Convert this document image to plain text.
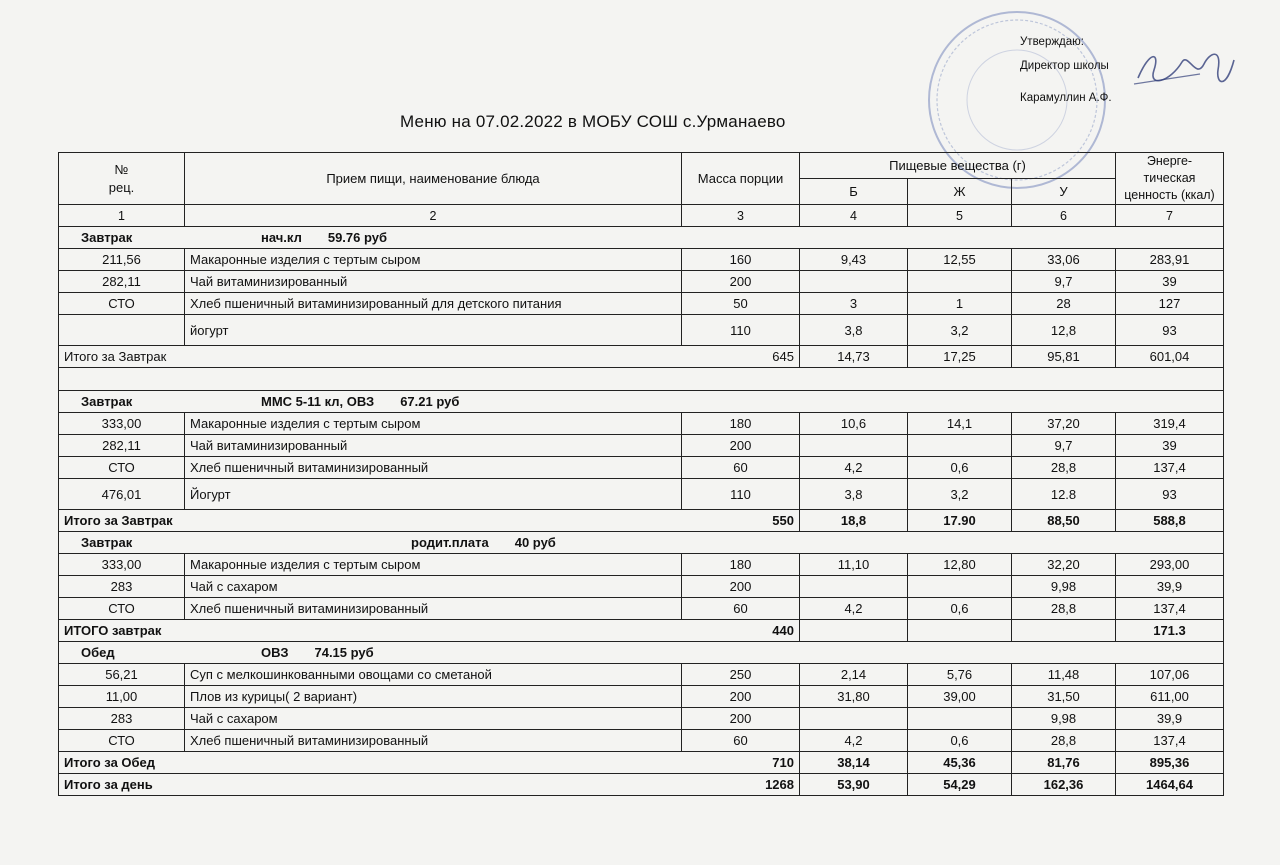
Утверждаю:
Директор школы
Карамуллин А.Ф.
Меню на 07.02.2022 в МОБУ СОШ с.Урманаево
№
рец.	Прием пищи, наименование блюда	Масса порции	Пищевые вещества (г)			Энерге-тическая ценность (ккал)
			Б	Ж	У	
1	2	3	4	5	6	7
Завтрак нач.кл 59.76 руб						
211,56	Макаронные изделия с тертым сыром	160	9,43	12,55	33,06	283,91
282,11	Чай витаминизированный	200			9,7	39
СТО	Хлеб пшеничный витаминизированный для детского питания	50	3	1	28	127
	йогурт	110	3,8	3,2	12,8	93
Итого за Завтрак		645	14,73	17,25	95,81	601,04

Завтрак ММС 5-11 кл, ОВЗ 67.21 руб						
333,00	Макаронные изделия с тертым сыром	180	10,6	14,1	37,20	319,4
282,11	Чай витаминизированный	200			9,7	39
СТО	Хлеб пшеничный витаминизированный	60	4,2	0,6	28,8	137,4
476,01	Йогурт	110	3,8	3,2	12.8	93
Итого за Завтрак		550	18,8	17.90	88,50	588,8
Завтрак родит.плата 40 руб						
333,00	Макаронные изделия с тертым сыром	180	11,10	12,80	32,20	293,00
283	Чай с сахаром	200			9,98	39,9
СТО	Хлеб пшеничный витаминизированный	60	4,2	0,6	28,8	137,4
ИТОГО завтрак		440				171.3
Обед ОВЗ 74.15 руб						
56,21	Суп с мелкошинкованными овощами со сметаной	250	2,14	5,76	11,48	107,06
11,00	Плов из курицы( 2 вариант)	200	31,80	39,00	31,50	611,00
283	Чай с сахаром	200			9,98	39,9
СТО	Хлеб пшеничный витаминизированный	60	4,2	0,6	28,8	137,4
Итого за Обед		710	38,14	45,36	81,76	895,36
Итого за день		1268	53,90	54,29	162,36	1464,64
